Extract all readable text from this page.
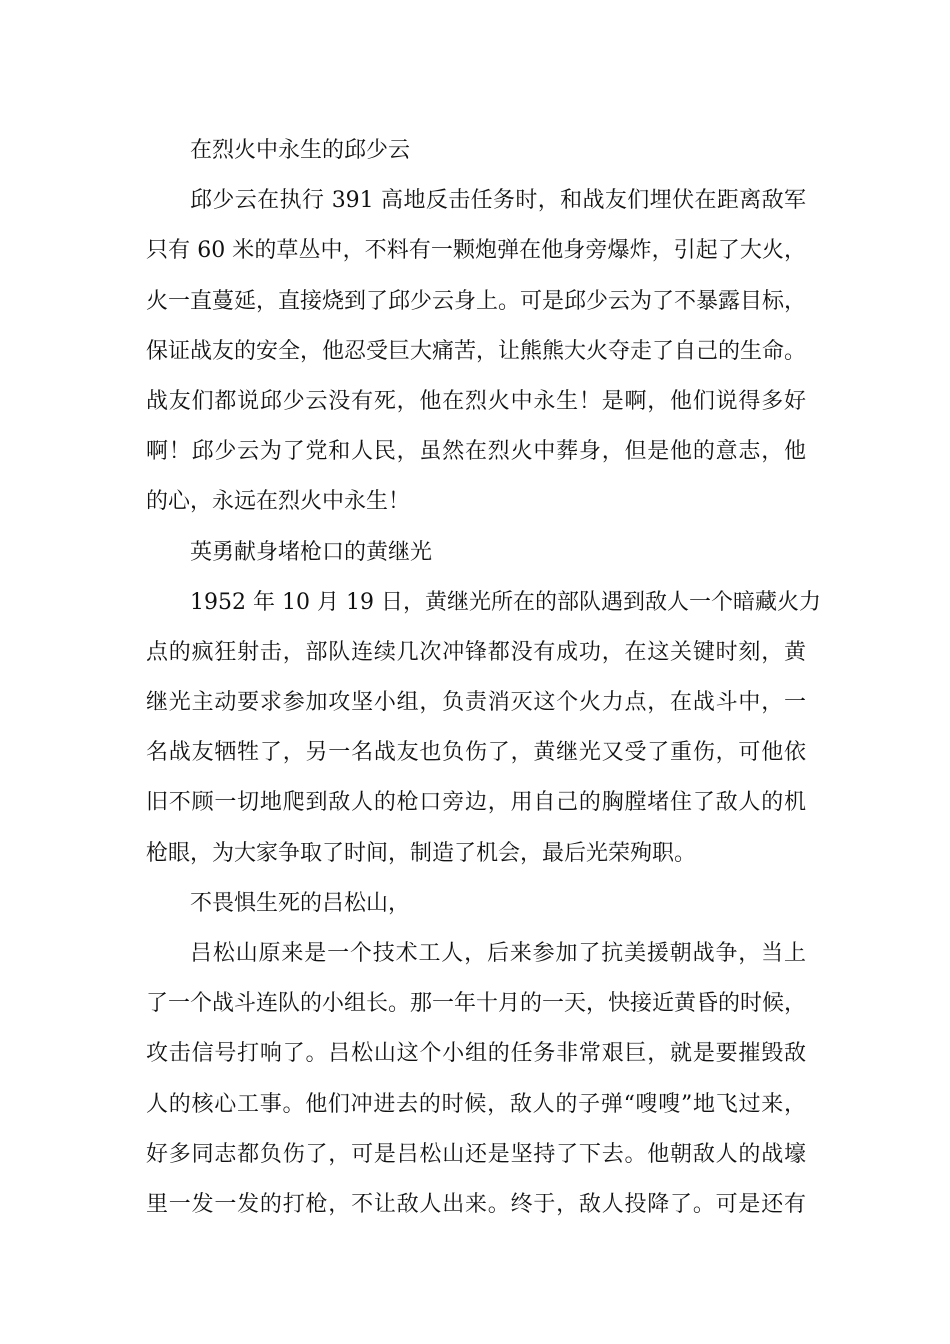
在烈火中永生的邱少云
邱少云在执行 391 高地反击任务时，和战友们埋伏在距离敌军
只有 60 米的草丛中，不料有一颗炮弹在他身旁爆炸，引起了大火，
火一直蔓延，直接烧到了邱少云身上。可是邱少云为了不暴露目标，
保证战友的安全，他忍受巨大痛苦，让熊熊大火夺走了自己的生命。
战友们都说邱少云没有死，他在烈火中永生！是啊，他们说得多好
啊！邱少云为了党和人民，虽然在烈火中葬身，但是他的意志，他
的心，永远在烈火中永生！
英勇献身堵枪口的黄继光
1952 年 10 月 19 日，黄继光所在的部队遇到敌人一个暗藏火力
点的疯狂射击，部队连续几次冲锋都没有成功，在这关键时刻，黄
继光主动要求参加攻坚小组，负责消灭这个火力点，在战斗中，一
名战友牺牲了，另一名战友也负伤了，黄继光又受了重伤，可他依
旧不顾一切地爬到敌人的枪口旁边，用自己的胸膛堵住了敌人的机
枪眼，为大家争取了时间，制造了机会，最后光荣殉职。
不畏惧生死的吕松山，
吕松山原来是一个技术工人，后来参加了抗美援朝战争，当上
了一个战斗连队的小组长。那一年十月的一天，快接近黄昏的时候，
攻击信号打响了。吕松山这个小组的任务非常艰巨，就是要摧毁敌
人的核心工事。他们冲进去的时候，敌人的子弹“嗖嗖”地飞过来，
好多同志都负伤了，可是吕松山还是坚持了下去。他朝敌人的战壕
里一发一发的打枪，不让敌人出来。终于，敌人投降了。可是还有
